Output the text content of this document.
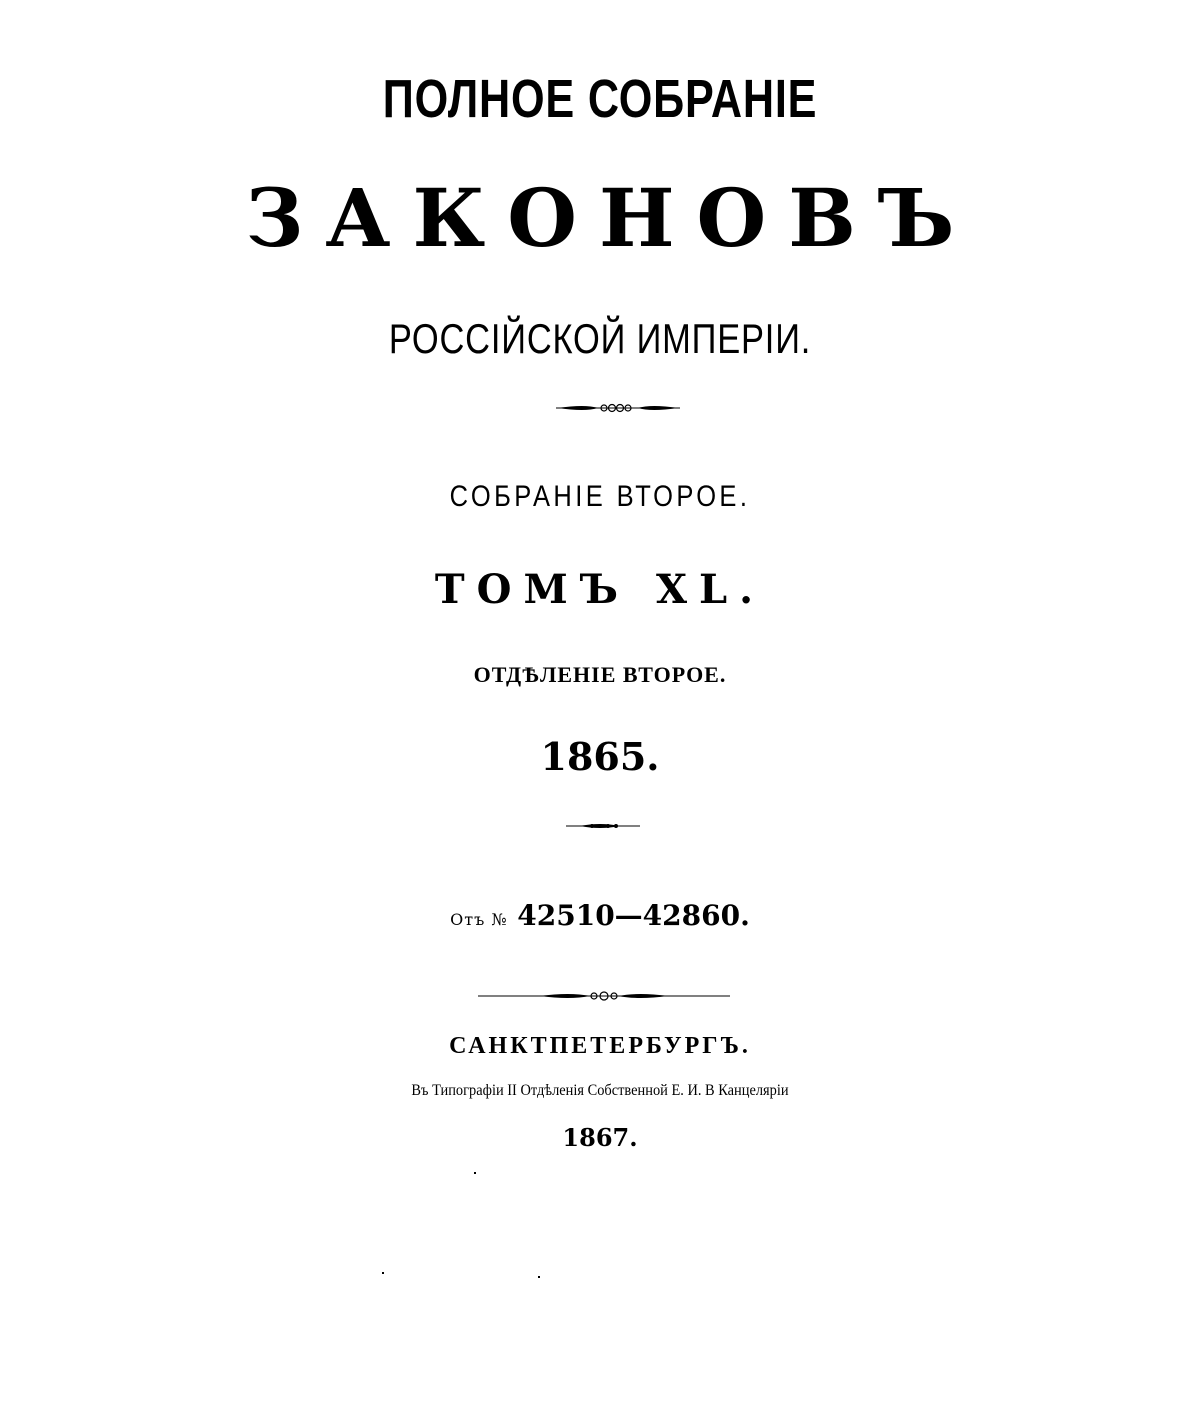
ПОЛНОЕ СОБРАНІЕ
ЗАКОНОВЪ
РОССІЙСКОЙ ИМПЕРІИ.
СОБРАНІЕ ВТОРОЕ.
ТОМЪ XL.
ОТДѢЛЕНІЕ ВТОРОЕ.
1865.
Отъ № 42510—42860.
САНКТПЕТЕРБУРГЪ.
Въ Типографіи II Отдѣленія Собственной Е. И. В Канцеляріи
1867.
